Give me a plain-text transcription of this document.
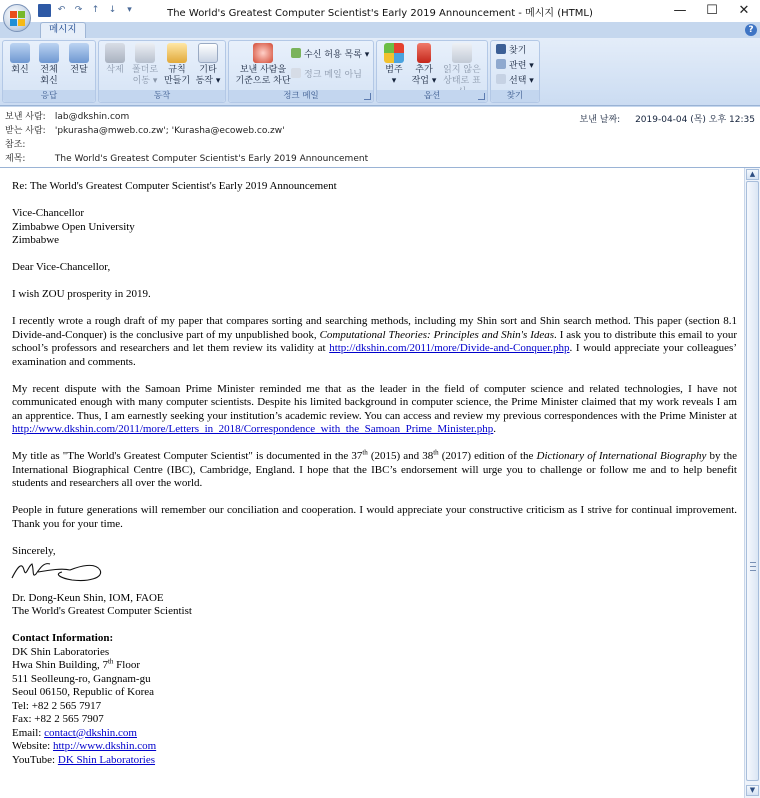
↶	↷	↑	↓	▾	The World's Greatest Computer Scientist's Early 2019 Announcement - 메시지 (HTML)	—	☐	✕
메시지	?
회신	전체
회신
전달
응답
삭제 폴더로
이동 ▾
규칙
만들기
기타
동작 ▾
동작
보낸 사람을
기준으로 차단
수신 허용 목록 ▾
정크 메일 아님
정크 메일
범주
▾
추가
작업 ▾
읽지 않은
상태로 표
옵션
찾기
관련 ▾
선택 ▾
찾기
보낸 사람: lab@dkshin.com
받는 사람: 'pkurasha@mweb.co.zw'; 'Kurasha@ecoweb.co.zw'
참조:
제목:	The World's Greatest Computer Scientist's Early 2019 Announcement
보낸 날짜: 2019-04-04 (목) 오후 12:35

Re: The World's Greatest Computer Scientist's Early 2019 Announcement

Vice-Chancellor
Zimbabwe Open University
Zimbabwe

Dear Vice-Chancellor,

I wish ZOU prosperity in 2019.

I recently wrote a rough draft of my paper that compares sorting and searching methods, including my Shin sort and Shin search method. This paper (section 8.1 Divide-and-Conquer) is the conclusive part of my unpublished book, Computational Theories: Principles and Shin's Ideas. I ask you to distribute this email to your school’s professors and researchers and let them review its validity at http://dkshin.com/2011/more/Divide-and-Conquer.php. I would appreciate your colleagues’ examination and comments.

My recent dispute with the Samoan Prime Minister reminded me that as the leader in the field of computer science and related technologies, I have not communicated enough with many computer scientists. Despite his limited background in computer science, the Prime Minister claimed that my work reveals I am an apprentice. Thus, I am earnestly seeking your institution’s academic review. You can access and review my previous correspondences with the Prime Minister at http://www.dkshin.com/2011/more/Letters_in_2018/Correspondence_with_the_Samoan_Prime_Minister.php.

My title as "The World's Greatest Computer Scientist" is documented in the 37th (2015) and 38th (2017) edition of the Dictionary of International Biography by the International Biographical Centre (IBC), Cambridge, England. I hope that the IBC’s endorsement will urge you to challenge or follow me and to help benefit students and researchers all over the world.

People in future generations will remember our conciliation and cooperation. I would appreciate your constructive criticism as I strive for continual improvement. Thank you for your time.

Sincerely,

Dr. Dong-Keun Shin, IOM, FAOE
The World's Greatest Computer Scientist

Contact Information:
DK Shin Laboratories
Hwa Shin Building, 7th Floor
511 Seolleung-ro, Gangnam-gu
Seoul 06150, Republic of Korea
Tel: +82 2 565 7917
Fax: +82 2 565 7907
Email: contact@dkshin.com
Website: http://www.dkshin.com
YouTube: DK Shin Laboratories
▲
▼
